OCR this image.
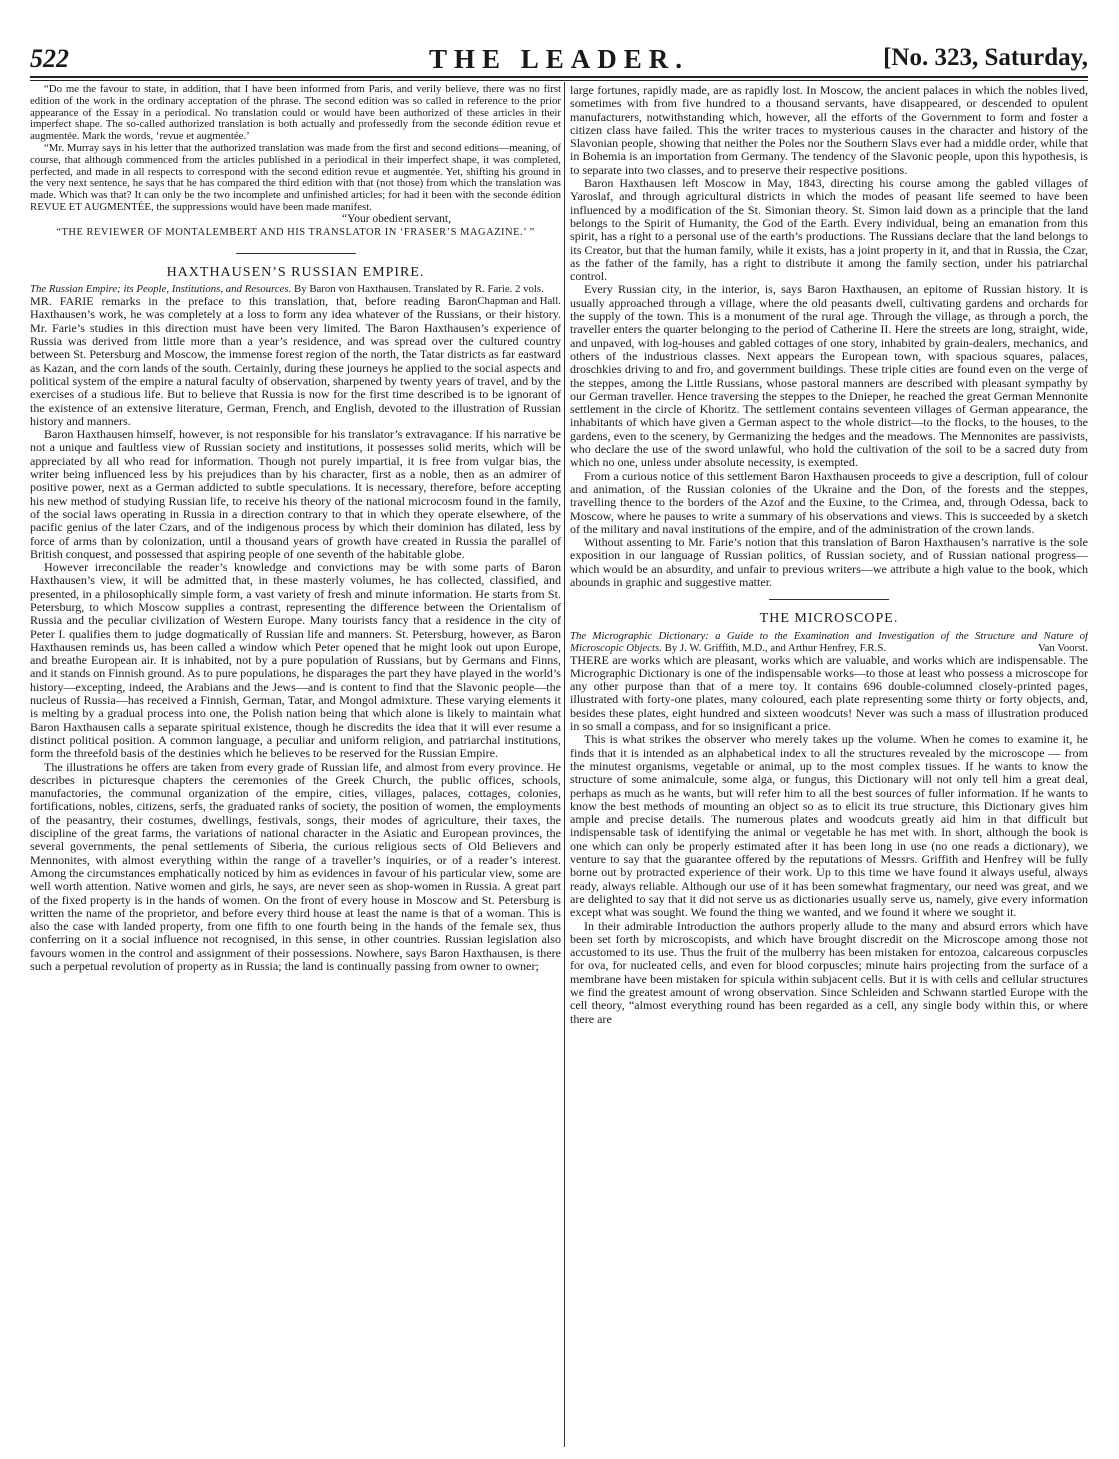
522	THE LEADER.	[No. 323, Saturday,

“Do me the favour to state, in addition, that I have been informed from Paris, and verily believe, there was no first edition of the work in the ordinary acceptation of the phrase. The second edition was so called in reference to the prior appearance of the Essay in a periodical. No translation could or would have been authorized of these articles in their imperfect shape. The so-called authorized translation is both actually and professedly from the seconde édition revue et augmentée. Mark the words, ‘revue et augmentée.’

“Mr. Murray says in his letter that the authorized translation was made from the first and second editions—meaning, of course, that although commenced from the articles published in a periodical in their imperfect shape, it was completed, perfected, and made in all respects to correspond with the second edition revue et augmentée. Yet, shifting his ground in the very next sentence, he says that he has compared the third edition with that (not those) from which the translation was made. Which was that? It can only be the two incomplete and unfinished articles; for had it been with the seconde édition REVUE ET AUGMENTÉE, the suppressions would have been made manifest.

“Your obedient servant,

“THE REVIEWER OF MONTALEMBERT AND HIS TRANSLATOR IN ‘FRASER’S MAGAZINE.’ ”

HAXTHAUSEN’S RUSSIAN EMPIRE.

The Russian Empire; its People, Institutions, and Resources. By Baron von Haxthausen. Translated by R. Farie. 2 vols.
Chapman and Hall.

MR. FARIE remarks in the preface to this translation, that, before reading Baron Haxthausen’s work, he was completely at a loss to form any idea whatever of the Russians, or their history. Mr. Farie’s studies in this direction must have been very limited. The Baron Haxthausen’s experience of Russia was derived from little more than a year’s residence, and was spread over the cultured country between St. Petersburg and Moscow, the immense forest region of the north, the Tatar districts as far eastward as Kazan, and the corn lands of the south. Certainly, during these journeys he applied to the social aspects and political system of the empire a natural faculty of observation, sharpened by twenty years of travel, and by the exercises of a studious life. But to believe that Russia is now for the first time described is to be ignorant of the existence of an extensive literature, German, French, and English, devoted to the illustration of Russian history and manners.

Baron Haxthausen himself, however, is not responsible for his translator’s extravagance. If his narrative be not a unique and faultless view of Russian society and institutions, it possesses solid merits, which will be appreciated by all who read for information. Though not purely impartial, it is free from vulgar bias, the writer being influenced less by his prejudices than by his character, first as a noble, then as an admirer of positive power, next as a German addicted to subtle speculations. It is necessary, therefore, before accepting his new method of studying Russian life, to receive his theory of the national microcosm found in the family, of the social laws operating in Russia in a direction contrary to that in which they operate elsewhere, of the pacific genius of the later Czars, and of the indigenous process by which their dominion has dilated, less by force of arms than by colonization, until a thousand years of growth have created in Russia the parallel of British conquest, and possessed that aspiring people of one seventh of the habitable globe.

However irreconcilable the reader’s knowledge and convictions may be with some parts of Baron Haxthausen’s view, it will be admitted that, in these masterly volumes, he has collected, classified, and presented, in a philosophically simple form, a vast variety of fresh and minute information. He starts from St. Petersburg, to which Moscow supplies a contrast, representing the difference between the Orientalism of Russia and the peculiar civilization of Western Europe. Many tourists fancy that a residence in the city of Peter I. qualifies them to judge dogmatically of Russian life and manners. St. Petersburg, however, as Baron Haxthausen reminds us, has been called a window which Peter opened that he might look out upon Europe, and breathe European air. It is inhabited, not by a pure population of Russians, but by Germans and Finns, and it stands on Finnish ground. As to pure populations, he disparages the part they have played in the world’s history—excepting, indeed, the Arabians and the Jews—and is content to find that the Slavonic people—the nucleus of Russia—has received a Finnish, German, Tatar, and Mongol admixture. These varying elements it is melting by a gradual process into one, the Polish nation being that which alone is likely to maintain what Baron Haxthausen calls a separate spiritual existence, though he discredits the idea that it will ever resume a distinct political position. A common language, a peculiar and uniform religion, and patriarchal institutions, form the threefold basis of the destinies which he believes to be reserved for the Russian Empire.

The illustrations he offers are taken from every grade of Russian life, and almost from every province. He describes in picturesque chapters the ceremonies of the Greek Church, the public offices, schools, manufactories, the communal organization of the empire, cities, villages, palaces, cottages, colonies, fortifications, nobles, citizens, serfs, the graduated ranks of society, the position of women, the employments of the peasantry, their costumes, dwellings, festivals, songs, their modes of agriculture, their taxes, the discipline of the great farms, the variations of national character in the Asiatic and European provinces, the several governments, the penal settlements of Siberia, the curious religious sects of Old Believers and Mennonites, with almost everything within the range of a traveller’s inquiries, or of a reader’s interest. Among the circumstances emphatically noticed by him as evidences in favour of his particular view, some are well worth attention. Native women and girls, he says, are never seen as shop-women in Russia. A great part of the fixed property is in the hands of women. On the front of every house in Moscow and St. Petersburg is written the name of the proprietor, and before every third house at least the name is that of a woman. This is also the case with landed property, from one fifth to one fourth being in the hands of the female sex, thus conferring on it a social influence not recognised, in this sense, in other countries. Russian legislation also favours women in the control and assignment of their possessions. Nowhere, says Baron Haxthausen, is there such a perpetual revolution of property as in Russia; the land is continually passing from owner to owner;

large fortunes, rapidly made, are as rapidly lost. In Moscow, the ancient palaces in which the nobles lived, sometimes with from five hundred to a thousand servants, have disappeared, or descended to opulent manufacturers, notwithstanding which, however, all the efforts of the Government to form and foster a citizen class have failed. This the writer traces to mysterious causes in the character and history of the Slavonian people, showing that neither the Poles nor the Southern Slavs ever had a middle order, while that in Bohemia is an importation from Germany. The tendency of the Slavonic people, upon this hypothesis, is to separate into two classes, and to preserve their respective positions.

Baron Haxthausen left Moscow in May, 1843, directing his course among the gabled villages of Yaroslaf, and through agricultural districts in which the modes of peasant life seemed to have been influenced by a modification of the St. Simonian theory. St. Simon laid down as a principle that the land belongs to the Spirit of Humanity, the God of the Earth. Every individual, being an emanation from this spirit, has a right to a personal use of the earth’s productions. The Russians declare that the land belongs to its Creator, but that the human family, while it exists, has a joint property in it, and that in Russia, the Czar, as the father of the family, has a right to distribute it among the family section, under his patriarchal control.

Every Russian city, in the interior, is, says Baron Haxthausen, an epitome of Russian history. It is usually approached through a village, where the old peasants dwell, cultivating gardens and orchards for the supply of the town. This is a monument of the rural age. Through the village, as through a porch, the traveller enters the quarter belonging to the period of Catherine II. Here the streets are long, straight, wide, and unpaved, with log-houses and gabled cottages of one story, inhabited by grain-dealers, mechanics, and others of the industrious classes. Next appears the European town, with spacious squares, palaces, droschkies driving to and fro, and government buildings. These triple cities are found even on the verge of the steppes, among the Little Russians, whose pastoral manners are described with pleasant sympathy by our German traveller. Hence traversing the steppes to the Dnieper, he reached the great German Mennonite settlement in the circle of Khoritz. The settlement contains seventeen villages of German appearance, the inhabitants of which have given a German aspect to the whole district—to the flocks, to the houses, to the gardens, even to the scenery, by Germanizing the hedges and the meadows. The Mennonites are passivists, who declare the use of the sword unlawful, who hold the cultivation of the soil to be a sacred duty from which no one, unless under absolute necessity, is exempted.

From a curious notice of this settlement Baron Haxthausen proceeds to give a description, full of colour and animation, of the Russian colonies of the Ukraine and the Don, of the forests and the steppes, travelling thence to the borders of the Azof and the Euxine, to the Crimea, and, through Odessa, back to Moscow, where he pauses to write a summary of his observations and views. This is succeeded by a sketch of the military and naval institutions of the empire, and of the administration of the crown lands.

Without assenting to Mr. Farie’s notion that this translation of Baron Haxthausen’s narrative is the sole exposition in our language of Russian politics, of Russian society, and of Russian national progress—which would be an absurdity, and unfair to previous writers—we attribute a high value to the book, which abounds in graphic and suggestive matter.

THE MICROSCOPE.

The Micrographic Dictionary: a Guide to the Examination and Investigation of the Structure and Nature of Microscopic Objects. By J. W. Griffith, M.D., and Arthur Henfrey, F.R.S.	Van Voorst.

THERE are works which are pleasant, works which are valuable, and works which are indispensable. The Micrographic Dictionary is one of the indispensable works—to those at least who possess a microscope for any other purpose than that of a mere toy. It contains 696 double-columned closely-printed pages, illustrated with forty-one plates, many coloured, each plate representing some thirty or forty objects, and, besides these plates, eight hundred and sixteen woodcuts! Never was such a mass of illustration produced in so small a compass, and for so insignificant a price.

This is what strikes the observer who merely takes up the volume. When he comes to examine it, he finds that it is intended as an alphabetical index to all the structures revealed by the microscope — from the minutest organisms, vegetable or animal, up to the most complex tissues. If he wants to know the structure of some animalcule, some alga, or fungus, this Dictionary will not only tell him a great deal, perhaps as much as he wants, but will refer him to all the best sources of fuller information. If he wants to know the best methods of mounting an object so as to elicit its true structure, this Dictionary gives him ample and precise details. The numerous plates and woodcuts greatly aid him in that difficult but indispensable task of identifying the animal or vegetable he has met with. In short, although the book is one which can only be properly estimated after it has been long in use (no one reads a dictionary), we venture to say that the guarantee offered by the reputations of Messrs. Griffith and Henfrey will be fully borne out by protracted experience of their work. Up to this time we have found it always useful, always ready, always reliable. Although our use of it has been somewhat fragmentary, our need was great, and we are delighted to say that it did not serve us as dictionaries usually serve us, namely, give every information except what was sought. We found the thing we wanted, and we found it where we sought it.

In their admirable Introduction the authors properly allude to the many and absurd errors which have been set forth by microscopists, and which have brought discredit on the Microscope among those not accustomed to its use. Thus the fruit of the mulberry has been mistaken for entozoa, calcareous corpuscles for ova, for nucleated cells, and even for blood corpuscles; minute hairs projecting from the surface of a membrane have been mistaken for spicula within subjacent cells. But it is with cells and cellular structures we find the greatest amount of wrong observation. Since Schleiden and Schwann startled Europe with the cell theory, “almost everything round has been regarded as a cell, any single body within this, or where there are
